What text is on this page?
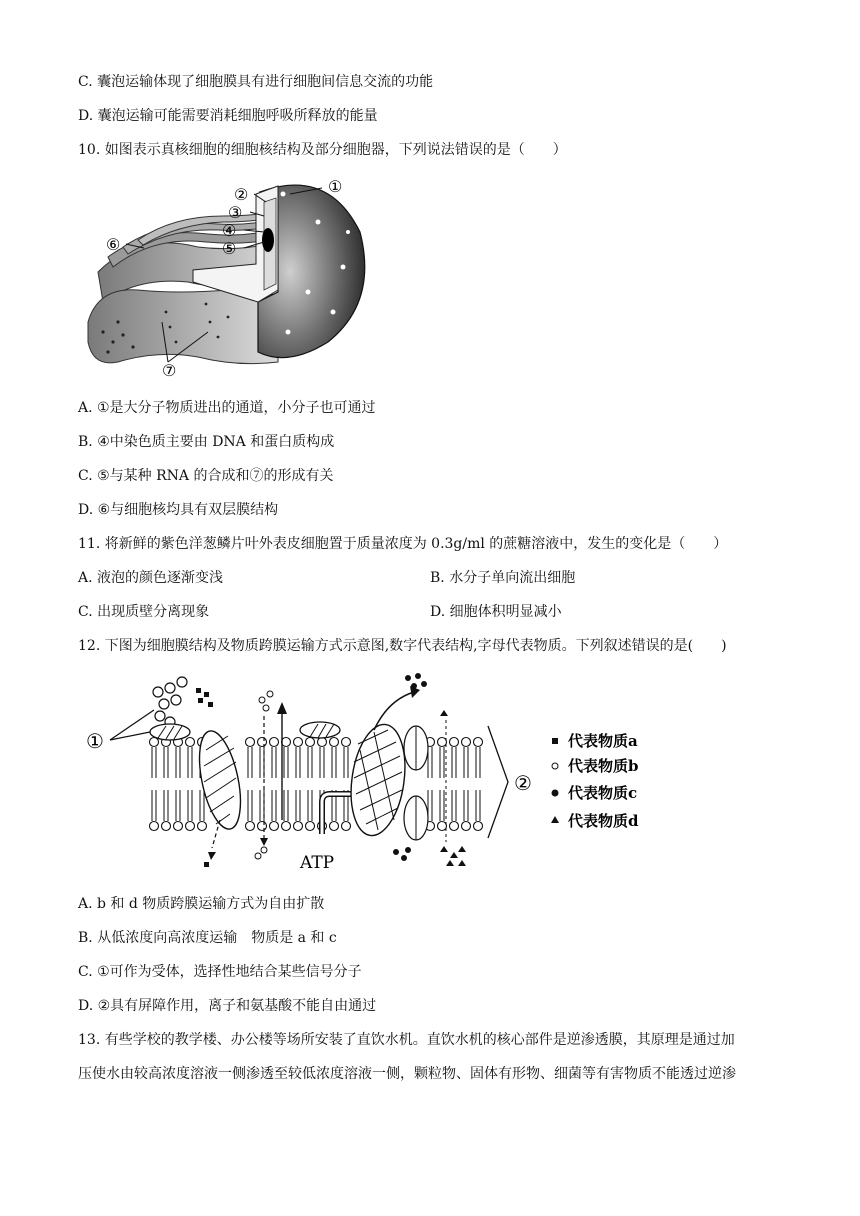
C. 囊泡运输体现了细胞膜具有进行细胞间信息交流的功能
D. 囊泡运输可能需要消耗细胞呼吸所释放的能量
10. 如图表示真核细胞的细胞核结构及部分细胞器，下列说法错误的是（　　）
①
②
③
④
⑤
⑥
⑦
A. ①是大分子物质进出的通道，小分子也可通过
B. ④中染色质主要由 DNA 和蛋白质构成
C. ⑤与某种 RNA 的合成和⑦的形成有关
D. ⑥与细胞核均具有双层膜结构
11. 将新鲜的紫色洋葱鳞片叶外表皮细胞置于质量浓度为 0.3g/ml 的蔗糖溶液中，发生的变化是（　　）
A. 液泡的颜色逐渐变浅	B. 水分子单向流出细胞
C. 出现质壁分离现象	D. 细胞体积明显减小
12. 下图为细胞膜结构及物质跨膜运输方式示意图,数字代表结构,字母代表物质。下列叙述错误的是(　　)
①
ATP
②
代表物质a
代表物质b
代表物质c
代表物质d
A. b 和 d 物质跨膜运输方式为自由扩散
B. 从低浓度向高浓度运输　物质是 a 和 c
C. ①可作为受体，选择性地结合某些信号分子
D. ②具有屏障作用，离子和氨基酸不能自由通过
13. 有些学校的教学楼、办公楼等场所安装了直饮水机。直饮水机的核心部件是逆渗透膜，其原理是通过加
压使水由较高浓度溶液一侧渗透至较低浓度溶液一侧，颗粒物、固体有形物、细菌等有害物质不能透过逆渗
